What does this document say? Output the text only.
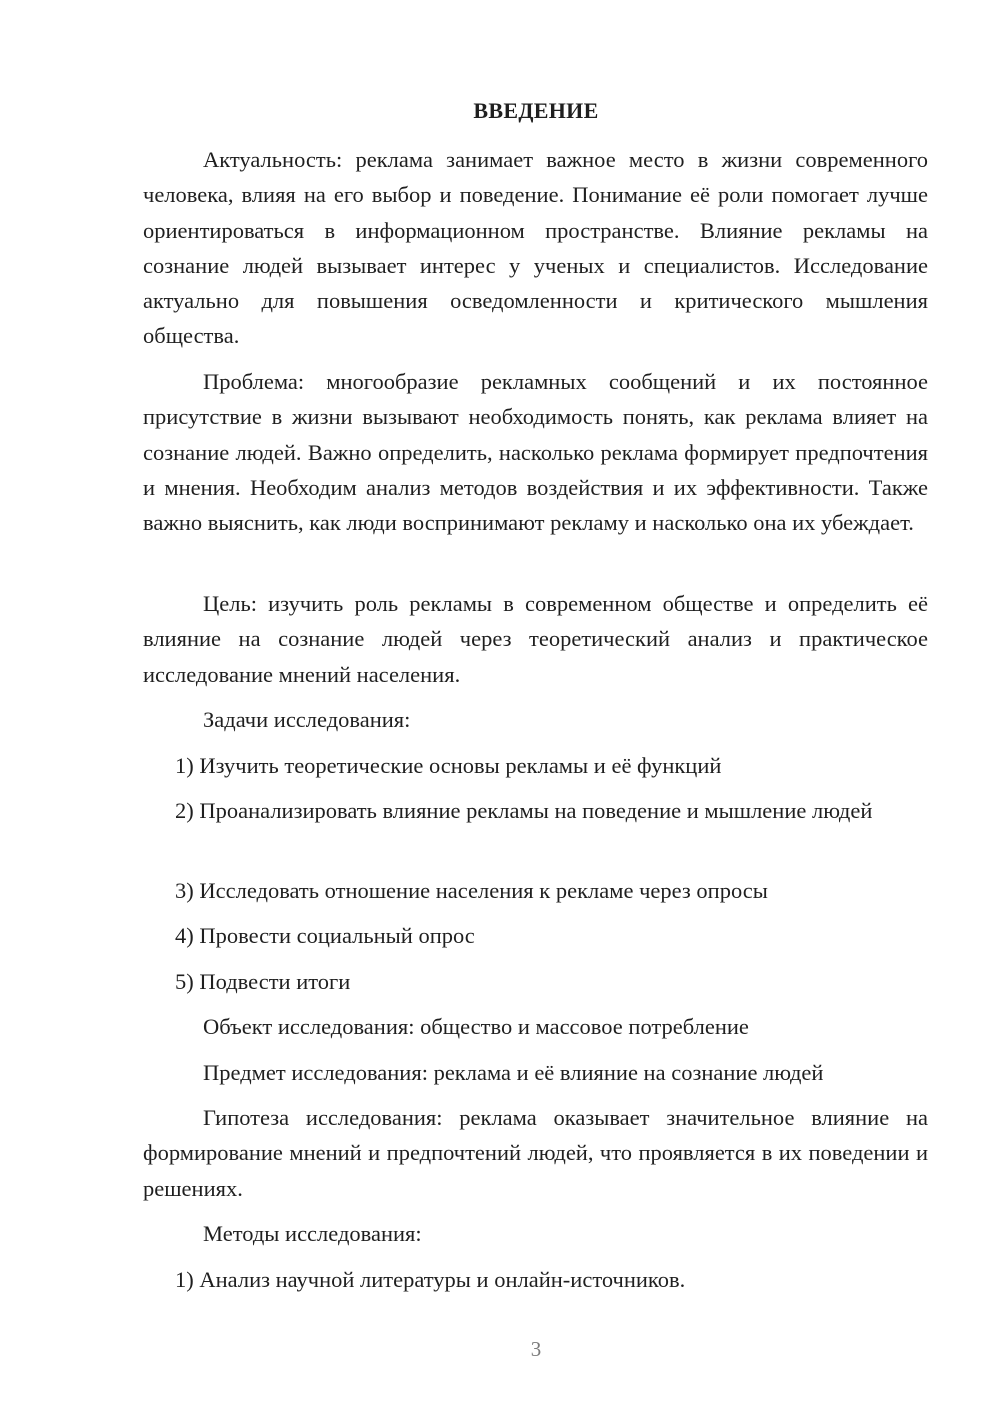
ВВЕДЕНИЕ

Актуальность: реклама занимает важное место в жизни современного человека, влияя на его выбор и поведение. Понимание её роли помогает лучше ориентироваться в информационном пространстве. Влияние рекламы на сознание людей вызывает интерес у ученых и специалистов. Исследование актуально для повышения осведомленности и критического мышления общества.

Проблема: многообразие рекламных сообщений и их постоянное присутствие в жизни вызывают необходимость понять, как реклама влияет на сознание людей. Важно определить, насколько реклама формирует предпочтения и мнения. Необходим анализ методов воздействия и их эффективности. Также важно выяснить, как люди воспринимают рекламу и насколько она их убеждает.

Цель: изучить роль рекламы в современном обществе и определить её влияние на сознание людей через теоретический анализ и практическое исследование мнений населения.

Задачи исследования:

1) Изучить теоретические основы рекламы и её функций

2) Проанализировать влияние рекламы на поведение и мышление людей

3) Исследовать отношение населения к рекламе через опросы

4) Провести социальный опрос

5) Подвести итоги

Объект исследования: общество и массовое потребление

Предмет исследования: реклама и её влияние на сознание людей

Гипотеза исследования: реклама оказывает значительное влияние на формирование мнений и предпочтений людей, что проявляется в их поведении и решениях.

Методы исследования:

1) Анализ научной литературы и онлайн-источников.

3
